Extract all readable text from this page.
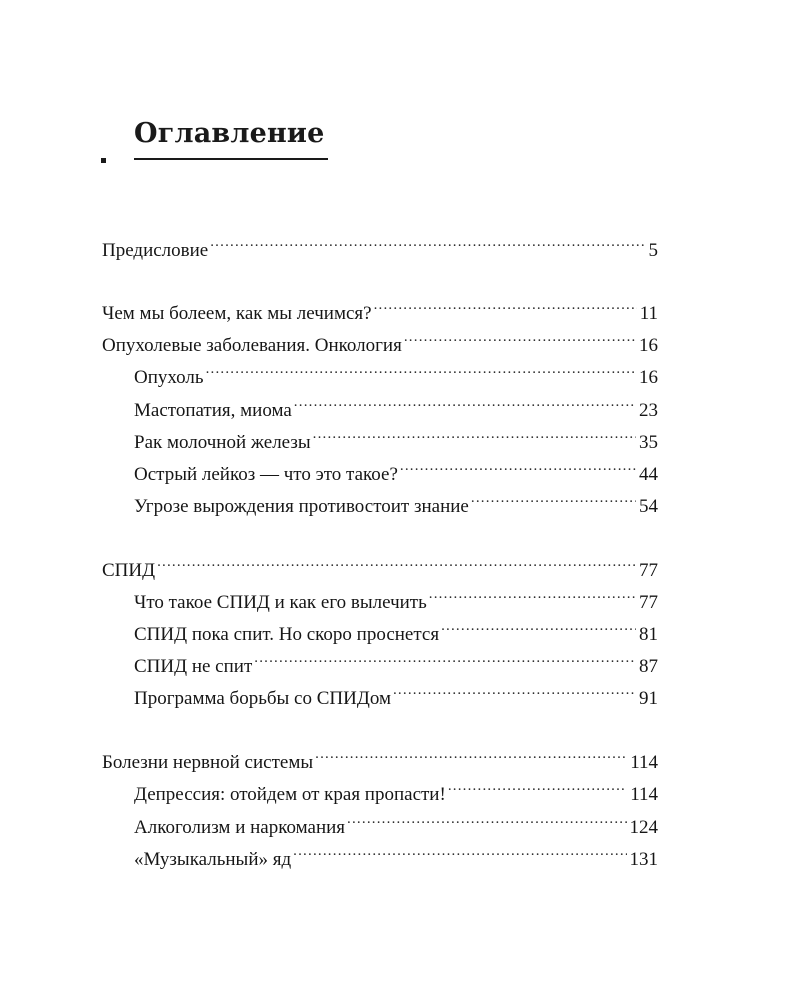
Оглавление
Предисловие .....	5
Чем мы болеем, как мы лечимся? .....	11
Опухолевые заболевания. Онкология .....	16
Опухоль .....	16
Мастопатия, миома .....	23
Рак молочной железы .....	35
Острый лейкоз — что это такое? .....	44
Угрозе вырождения противостоит знание .....	54
СПИД .....	77
Что такое СПИД и как его вылечить .....	77
СПИД пока спит. Но скоро проснется .....	81
СПИД не спит .....	87
Программа борьбы со СПИДом .....	91
Болезни нервной системы .....	114
Депрессия: отойдем от края пропасти! .....	114
Алкоголизм и наркомания .....	124
«Музыкальный» яд .....	131
